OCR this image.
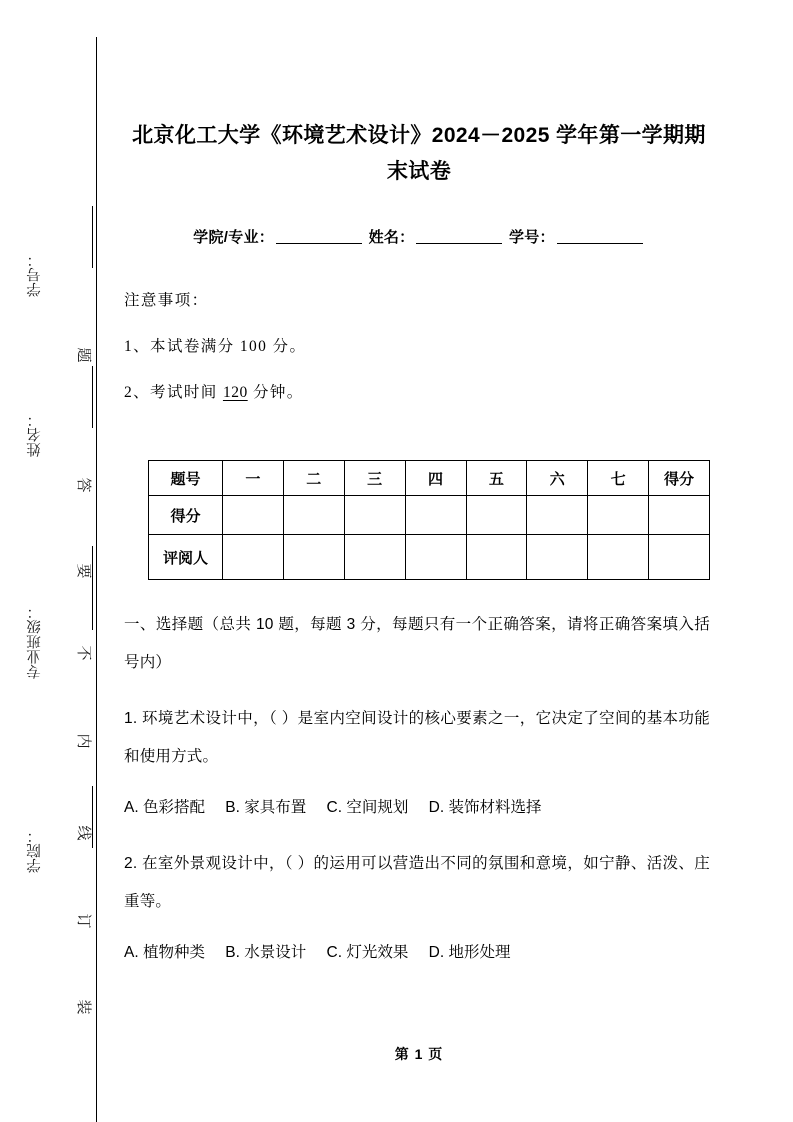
学号：
姓名：
专业班级：
学院：
题
答
要
不
内
线
订
装
北京化工大学《环境艺术设计》2024－2025 学年第一学期期末试卷
学院/专业：	姓名：	学号：
注意事项：
1、本试卷满分 100 分。
2、考试时间 120 分钟。
题号	一	二	三	四	五	六	七	得分
得分								
评阅人								
一、选择题（总共 10 题，每题 3 分，每题只有一个正确答案，请将正确答案填入括号内）
1. 环境艺术设计中，（ ）是室内空间设计的核心要素之一，它决定了空间的基本功能和使用方式。
A. 色彩搭配 B. 家具布置 C. 空间规划 D. 装饰材料选择
2. 在室外景观设计中，（ ）的运用可以营造出不同的氛围和意境，如宁静、活泼、庄重等。
A. 植物种类 B. 水景设计 C. 灯光效果 D. 地形处理
第 1 页
